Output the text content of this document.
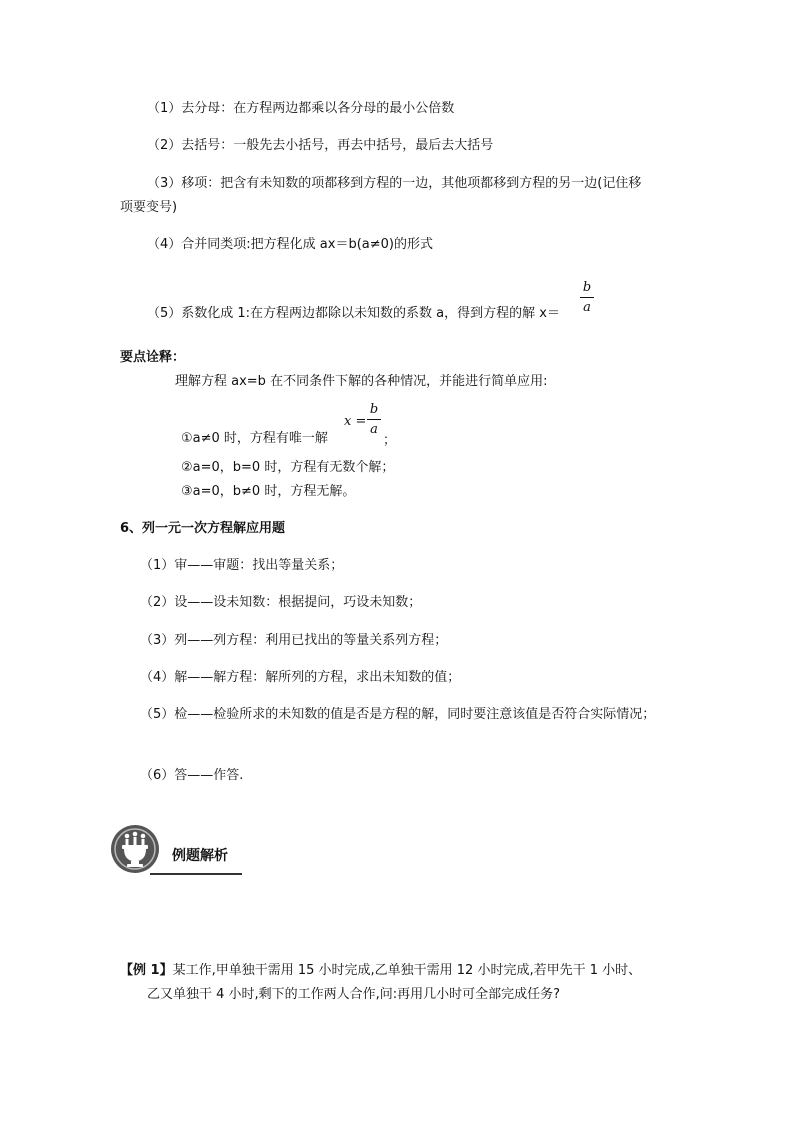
（1）去分母：在方程两边都乘以各分母的最小公倍数
（2）去括号：一般先去小括号，再去中括号，最后去大括号
（3）移项：把含有未知数的项都移到方程的一边，其他项都移到方程的另一边(记住移
项要变号)
（4）合并同类项:把方程化成 ax＝b(a≠0)的形式
（5）系数化成 1:在方程两边都除以未知数的系数 a，得到方程的解 x＝
b
a
要点诠释：
理解方程 ax=b 在不同条件下解的各种情况，并能进行简单应用:
①a≠0 时，方程有唯一解
x =
b
a
；
②a=0，b=0 时，方程有无数个解；
③a=0，b≠0 时，方程无解。
6、列一元一次方程解应用题
（1）审——审题：找出等量关系；
（2）设——设未知数：根据提问，巧设未知数；
（3）列——列方程：利用已找出的等量关系列方程；
（4）解——解方程：解所列的方程，求出未知数的值；
（5）检——检验所求的未知数的值是否是方程的解，同时要注意该值是否符合实际情况；
（6）答——作答.
例题解析
【例 1】某工作,甲单独干需用 15 小时完成,乙单独干需用 12 小时完成,若甲先干 1 小时、
乙又单独干 4 小时,剩下的工作两人合作,问:再用几小时可全部完成任务?
